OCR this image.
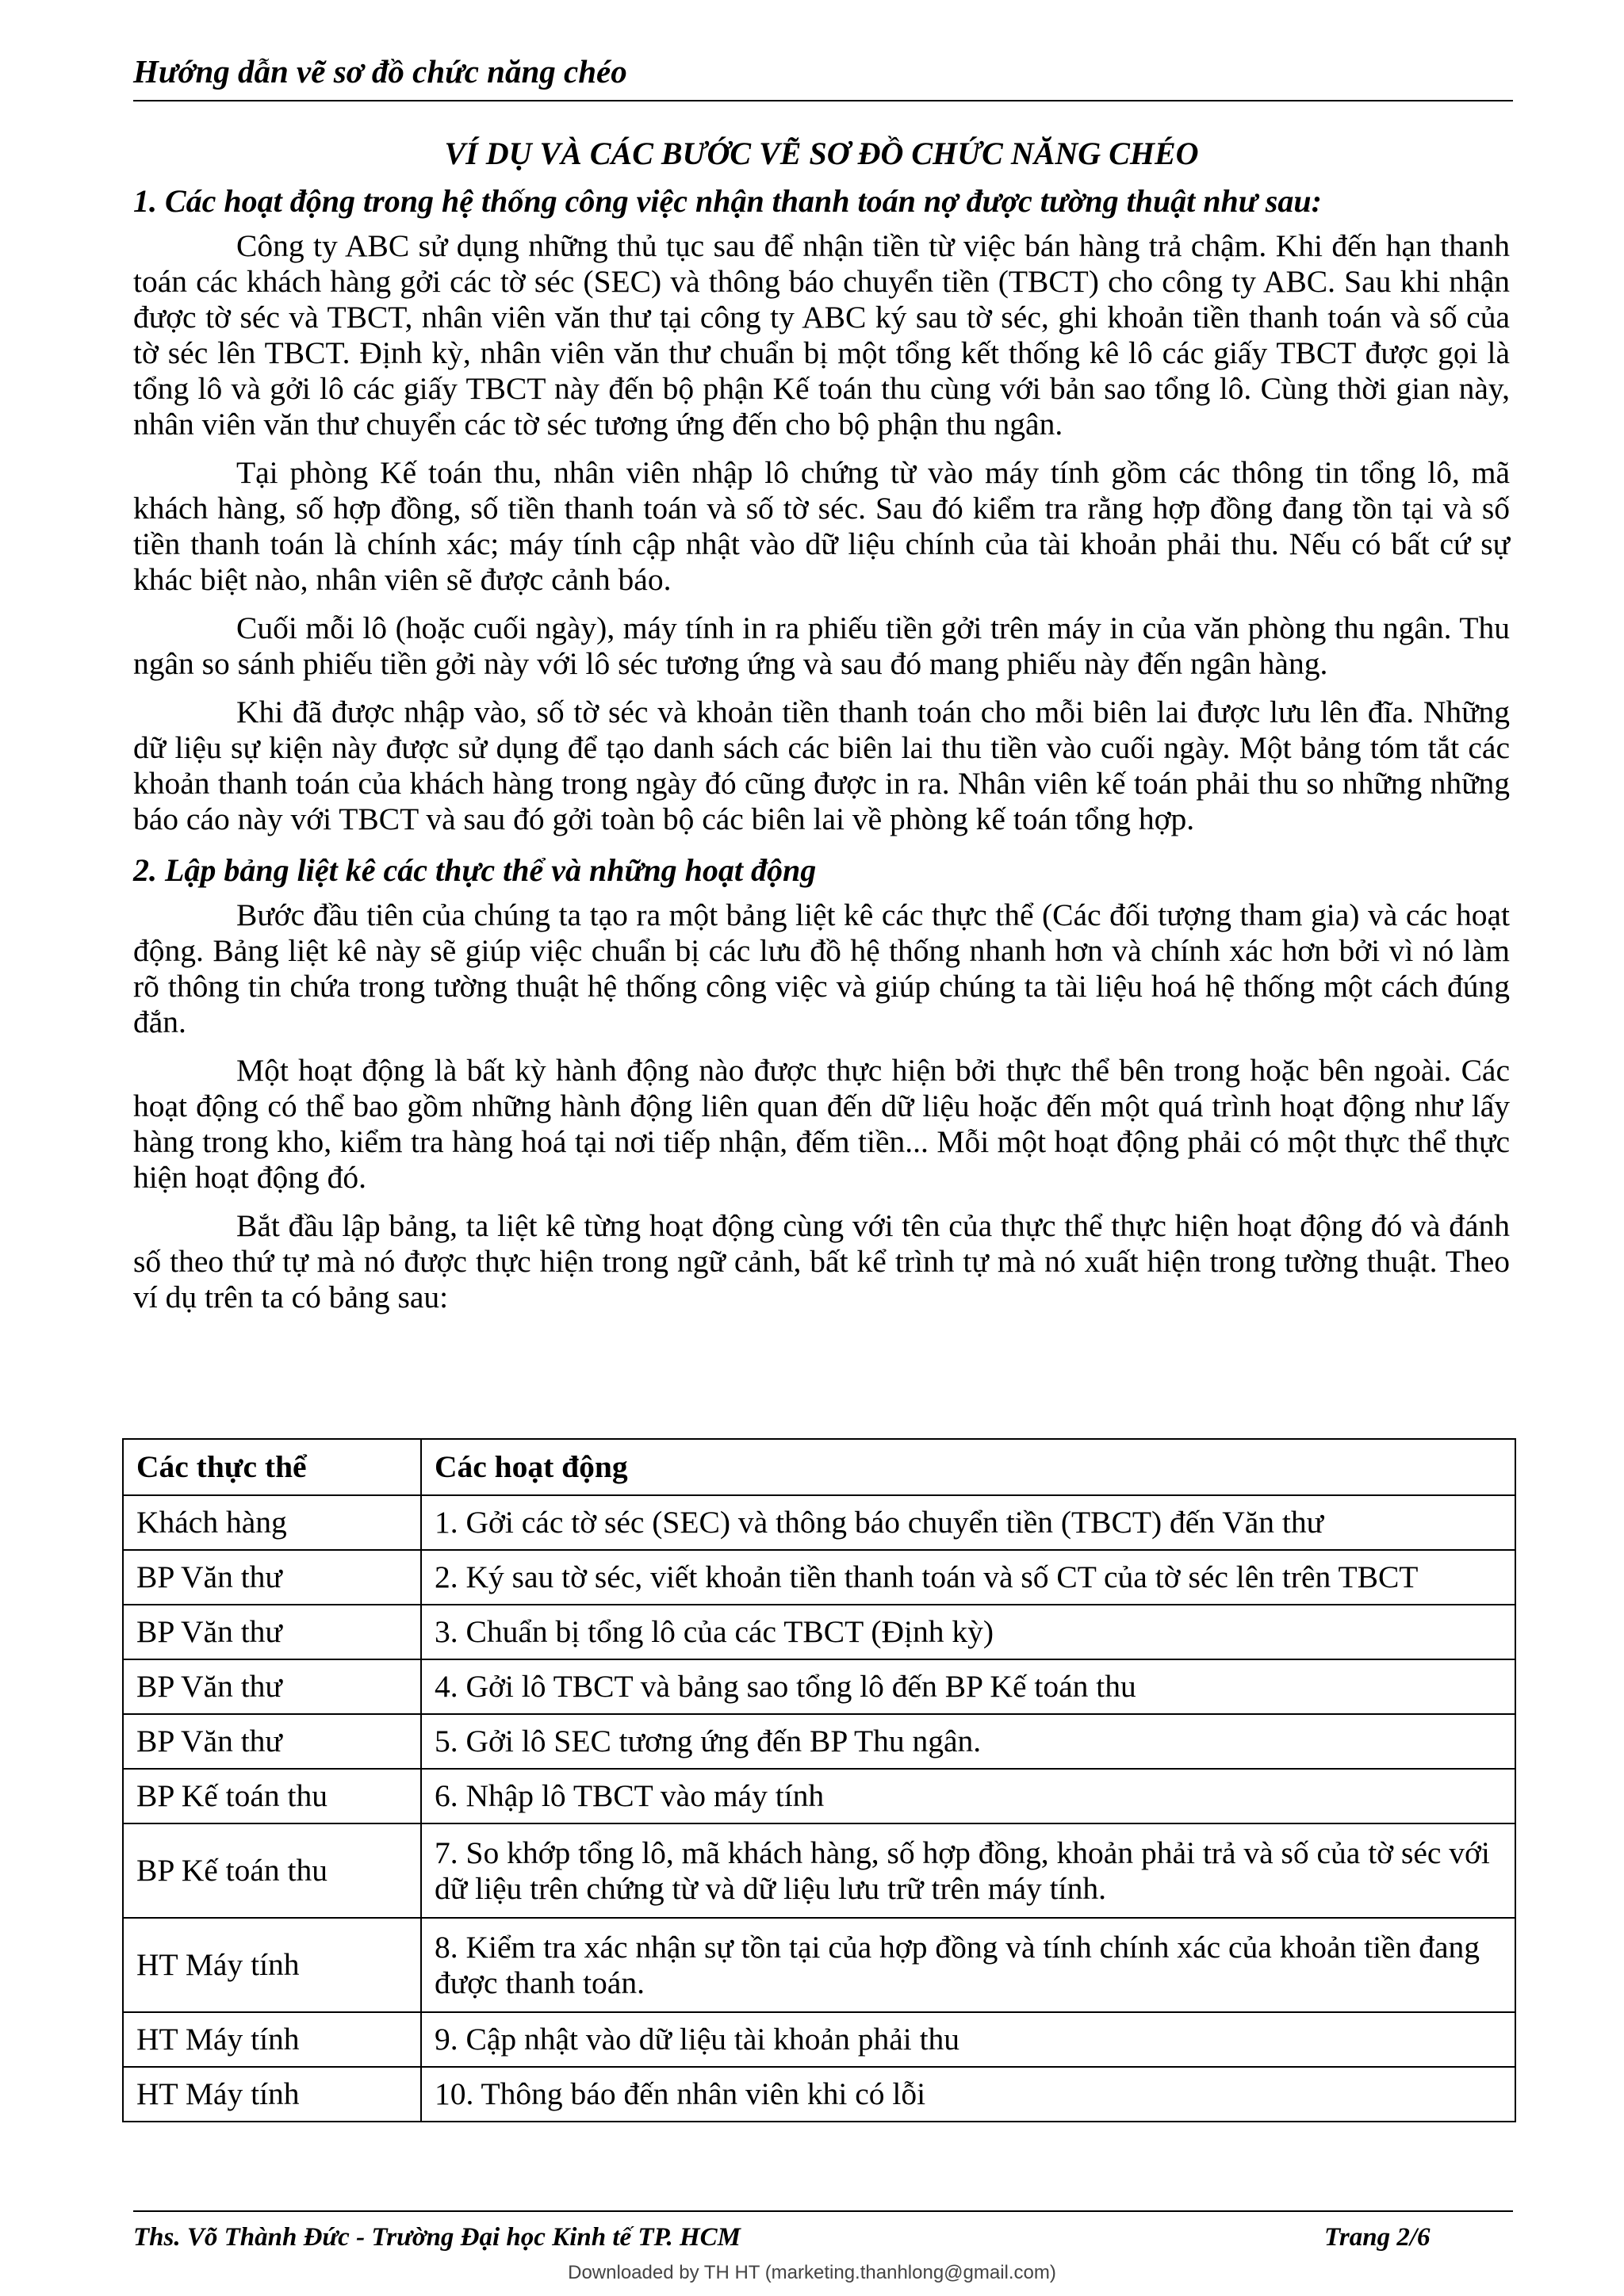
Hướng dẫn vẽ sơ đồ chức năng chéo
VÍ DỤ VÀ CÁC BƯỚC VẼ SƠ ĐỒ CHỨC NĂNG CHÉO
1. Các hoạt động trong hệ thống công việc nhận thanh toán nợ được tường thuật như sau:

Công ty ABC sử dụng những thủ tục sau để nhận tiền từ việc bán hàng trả chậm. Khi đến hạn thanh toán các khách hàng gởi các tờ séc (SEC) và thông báo chuyển tiền (TBCT) cho công ty ABC. Sau khi nhận được tờ séc và TBCT, nhân viên văn thư tại công ty ABC ký sau tờ séc, ghi khoản tiền thanh toán và số của tờ séc lên TBCT. Định kỳ, nhân viên văn thư chuẩn bị một tổng kết thống kê lô các giấy TBCT được gọi là tổng lô và gởi lô các giấy TBCT này đến bộ phận Kế toán thu cùng với bản sao tổng lô. Cùng thời gian này, nhân viên văn thư chuyển các tờ séc tương ứng đến cho bộ phận thu ngân.

Tại phòng Kế toán thu, nhân viên nhập lô chứng từ vào máy tính gồm các thông tin tổng lô, mã khách hàng, số hợp đồng, số tiền thanh toán và số tờ séc. Sau đó kiểm tra rằng hợp đồng đang tồn tại và số tiền thanh toán là chính xác; máy tính cập nhật vào dữ liệu chính của tài khoản phải thu. Nếu có bất cứ sự khác biệt nào, nhân viên sẽ được cảnh báo.

Cuối mỗi lô (hoặc cuối ngày), máy tính in ra phiếu tiền gởi trên máy in của văn phòng thu ngân. Thu ngân so sánh phiếu tiền gởi này với lô séc tương ứng và sau đó mang phiếu này đến ngân hàng.

Khi đã được nhập vào, số tờ séc và khoản tiền thanh toán cho mỗi biên lai được lưu lên đĩa. Những dữ liệu sự kiện này được sử dụng để tạo danh sách các biên lai thu tiền vào cuối ngày. Một bảng tóm tắt các khoản thanh toán của khách hàng trong ngày đó cũng được in ra. Nhân viên kế toán phải thu so những những báo cáo này với TBCT và sau đó gởi toàn bộ các biên lai về phòng kế toán tổng hợp.

2. Lập bảng liệt kê các thực thể và những hoạt động

Bước đầu tiên của chúng ta tạo ra một bảng liệt kê các thực thể (Các đối tượng tham gia) và các hoạt động. Bảng liệt kê này sẽ giúp việc chuẩn bị các lưu đồ hệ thống nhanh hơn và chính xác hơn bởi vì nó làm rõ thông tin chứa trong tường thuật hệ thống công việc và giúp chúng ta tài liệu hoá hệ thống một cách đúng đắn.

Một hoạt động là bất kỳ hành động nào được thực hiện bởi thực thể bên trong hoặc bên ngoài. Các hoạt động có thể bao gồm những hành động liên quan đến dữ liệu hoặc đến một quá trình hoạt động như lấy hàng trong kho, kiểm tra hàng hoá tại nơi tiếp nhận, đếm tiền... Mỗi một hoạt động phải có một thực thể thực hiện hoạt động đó.

Bắt đầu lập bảng, ta liệt kê từng hoạt động cùng với tên của thực thể thực hiện hoạt động đó và đánh số theo thứ tự mà nó được thực hiện trong ngữ cảnh, bất kể trình tự mà nó xuất hiện trong tường thuật. Theo ví dụ trên ta có bảng sau:

Các thực thể	Các hoạt động
Khách hàng	1. Gởi các tờ séc (SEC) và thông báo chuyển tiền (TBCT) đến Văn thư
BP Văn thư	2. Ký sau tờ séc, viết khoản tiền thanh toán và số CT của tờ séc lên trên TBCT
BP Văn thư	3. Chuẩn bị tổng lô của các TBCT (Định kỳ)
BP Văn thư	4. Gởi lô TBCT và bảng sao tổng lô đến BP Kế toán thu
BP Văn thư	5. Gởi lô SEC tương ứng đến BP Thu ngân.
BP Kế toán thu	6. Nhập lô TBCT vào máy tính
BP Kế toán thu	7. So khớp tổng lô, mã khách hàng, số hợp đồng, khoản phải trả và số của tờ séc với dữ liệu trên chứng từ và dữ liệu lưu trữ trên máy tính.
HT Máy tính	8. Kiểm tra xác nhận sự tồn tại của hợp đồng và tính chính xác của khoản tiền đang được thanh toán.
HT Máy tính	9. Cập nhật vào dữ liệu tài khoản phải thu
HT Máy tính	10. Thông báo đến nhân viên khi có lỗi
Ths. Võ Thành Đức - Trường Đại học Kinh tế TP. HCM	Trang 2/6
Downloaded by TH HT (marketing.thanhlong@gmail.com)
